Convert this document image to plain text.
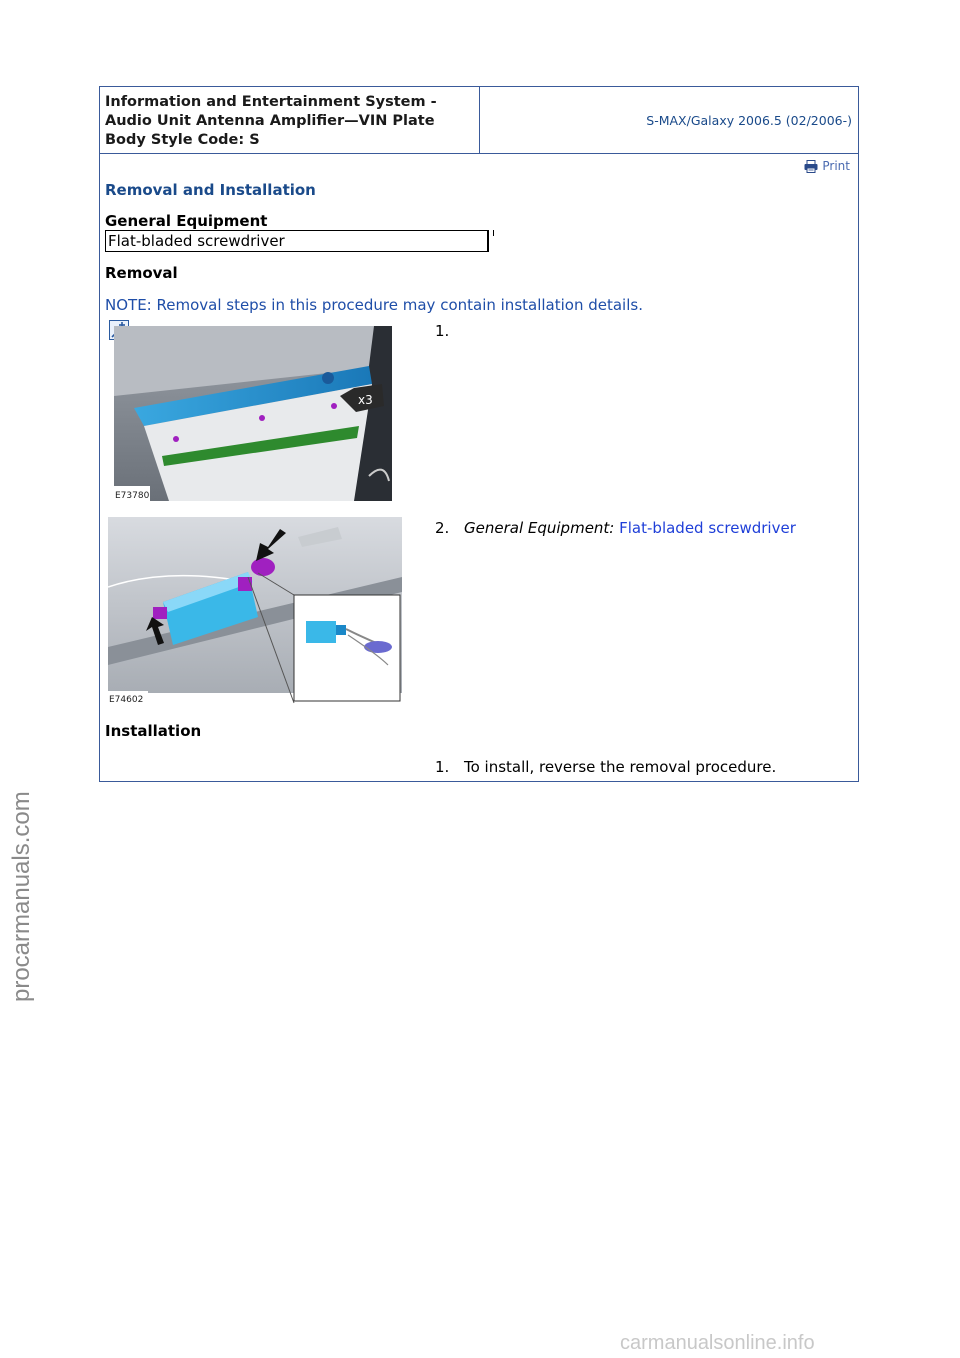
procarmanuals.com
carmanualsonline.info
Information and Entertainment System -
Audio Unit Antenna Amplifier—VIN Plate
Body Style Code: S
S-MAX/Galaxy 2006.5 (02/2006-)
Print
Removal and Installation
General Equipment
Flat-bladed screwdriver
Removal
NOTE: Removal steps in this procedure may contain installation details.
x3
E73780
1.
E74602
2. General Equipment: Flat-bladed screwdriver
Installation
1. To install, reverse the removal procedure.
